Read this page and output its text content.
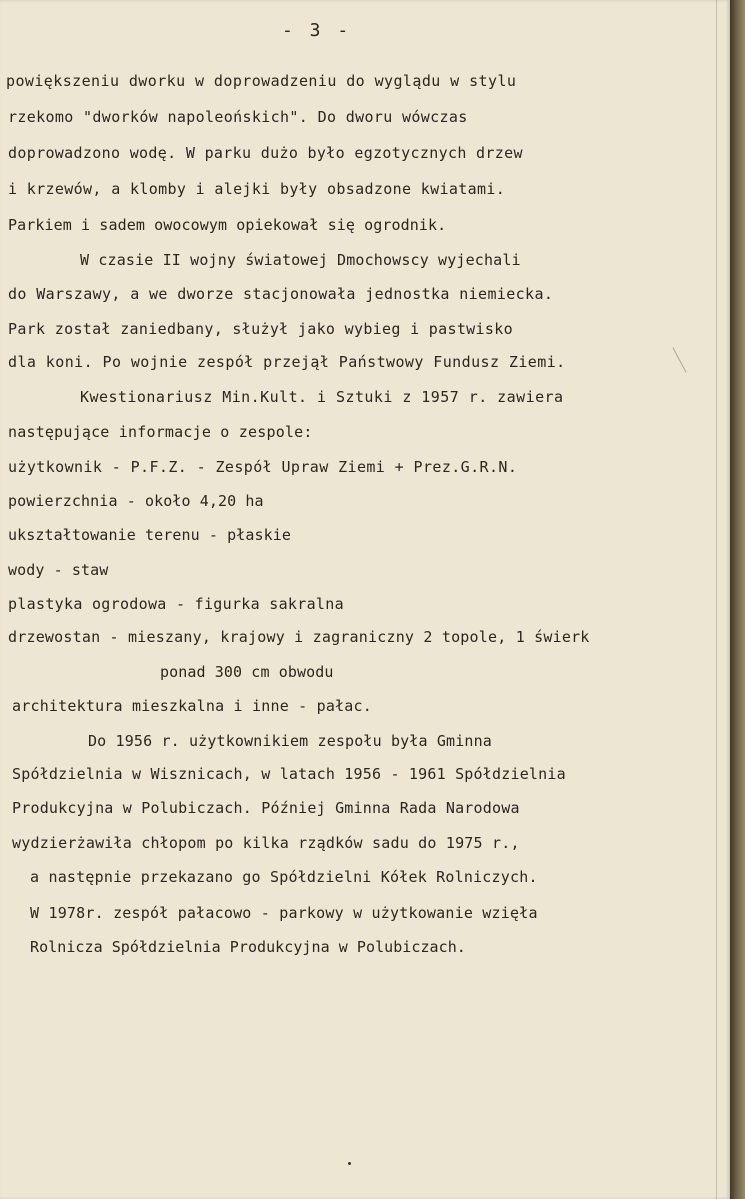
- 3 -
powiększeniu dworku w doprowadzeniu do wyglądu w stylu
rzekomo "dworków napoleońskich". Do dworu wówczas
doprowadzono wodę. W parku dużo było egzotycznych drzew
i krzewów, a klomby i alejki były obsadzone kwiatami.
Parkiem i sadem owocowym opiekował się ogrodnik.
W czasie II wojny światowej Dmochowscy wyjechali
do Warszawy, a we dworze stacjonowała jednostka niemiecka.
Park został zaniedbany, służył jako wybieg i pastwisko
dla koni. Po wojnie zespół przejął Państwowy Fundusz Ziemi.
Kwestionariusz Min.Kult. i Sztuki z 1957 r. zawiera
następujące informacje o zespole:
użytkownik - P.F.Z. - Zespół Upraw Ziemi + Prez.G.R.N.
powierzchnia - około 4,20 ha
ukształtowanie terenu - płaskie
wody - staw
plastyka ogrodowa - figurka sakralna
drzewostan - mieszany, krajowy i zagraniczny 2 topole, 1 świerk
ponad 300 cm obwodu
architektura mieszkalna i inne - pałac.
Do 1956 r. użytkownikiem zespołu była Gminna
Spółdzielnia w Wisznicach, w latach 1956 - 1961 Spółdzielnia
Produkcyjna w Polubiczach. Później Gminna Rada Narodowa
wydzierżawiła chłopom po kilka rządków sadu do 1975 r.,
a następnie przekazano go Spółdzielni Kółek Rolniczych.
W 1978r. zespół pałacowo - parkowy w użytkowanie wzięła
Rolnicza Spółdzielnia Produkcyjna w Polubiczach.
